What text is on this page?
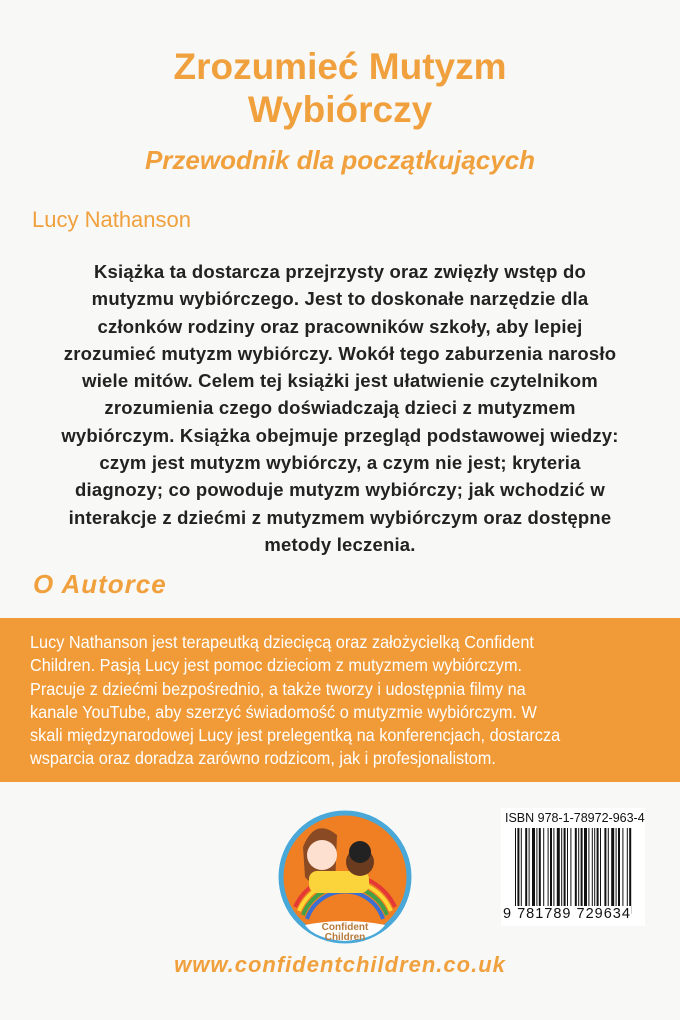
Zrozumieć Mutyzm
Wybiórczy
Przewodnik dla początkujących
Lucy Nathanson
Książka ta dostarcza przejrzysty oraz zwięzły wstęp do
mutyzmu wybiórczego. Jest to doskonałe narzędzie dla
członków rodziny oraz pracowników szkoły, aby lepiej
zrozumieć mutyzm wybiórczy. Wokół tego zaburzenia narosło
wiele mitów. Celem tej książki jest ułatwienie czytelnikom
zrozumienia czego doświadczają dzieci z mutyzmem
wybiórczym. Książka obejmuje przegląd podstawowej wiedzy:
czym jest mutyzm wybiórczy, a czym nie jest; kryteria
diagnozy; co powoduje mutyzm wybiórczy; jak wchodzić w
interakcje z dziećmi z mutyzmem wybiórczym oraz dostępne
metody leczenia.
O Autorce
Lucy Nathanson jest terapeutką dziecięcą oraz założycielką Confident
Children. Pasją Lucy jest pomoc dzieciom z mutyzmem wybiórczym.
Pracuje z dziećmi bezpośrednio, a także tworzy i udostępnia filmy na
kanale YouTube, aby szerzyć świadomość o mutyzmie wybiórczym. W
skali międzynarodowej Lucy jest prelegentką na konferencjach, dostarcza
wsparcia oraz doradza zarówno rodzicom, jak i profesjonalistom.
Confident
Children
ISBN 978-1-78972-963-4
9 781789 729634
www.confidentchildren.co.uk
